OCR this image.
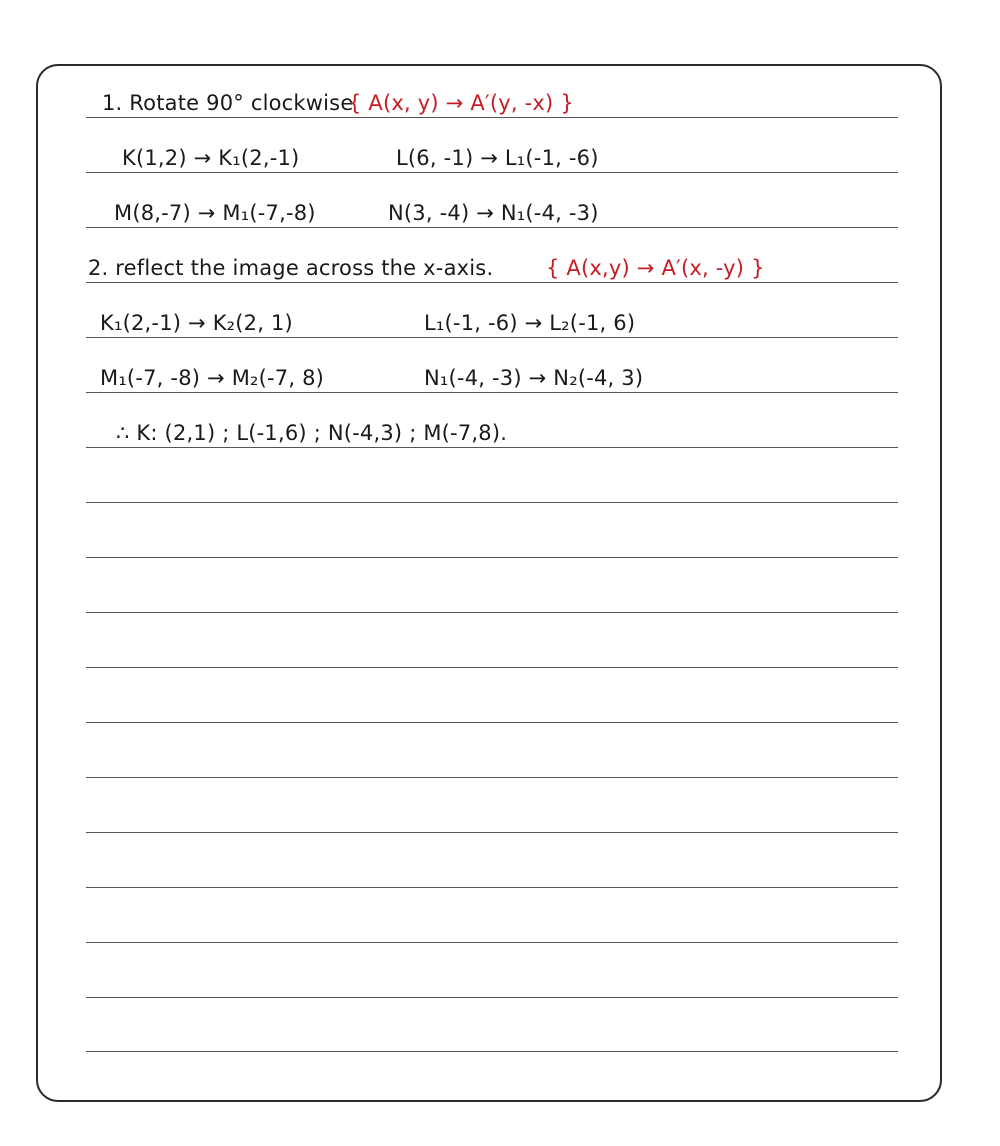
1. Rotate 90° clockwise
{ A(x, y) → A′(y, -x) }
K(1,2) → K₁(2,-1)	L(6, -1) → L₁(-1, -6)
M(8,-7) → M₁(-7,-8)	N(3, -4) → N₁(-4, -3)
2. reflect the image across the x-axis.	{ A(x,y) → A′(x, -y) }
K₁(2,-1) → K₂(2, 1)	L₁(-1, -6) → L₂(-1, 6)
M₁(-7, -8) → M₂(-7, 8)	N₁(-4, -3) → N₂(-4, 3)
∴ K: (2,1) ; L(-1,6) ; N(-4,3) ; M(-7,8).
